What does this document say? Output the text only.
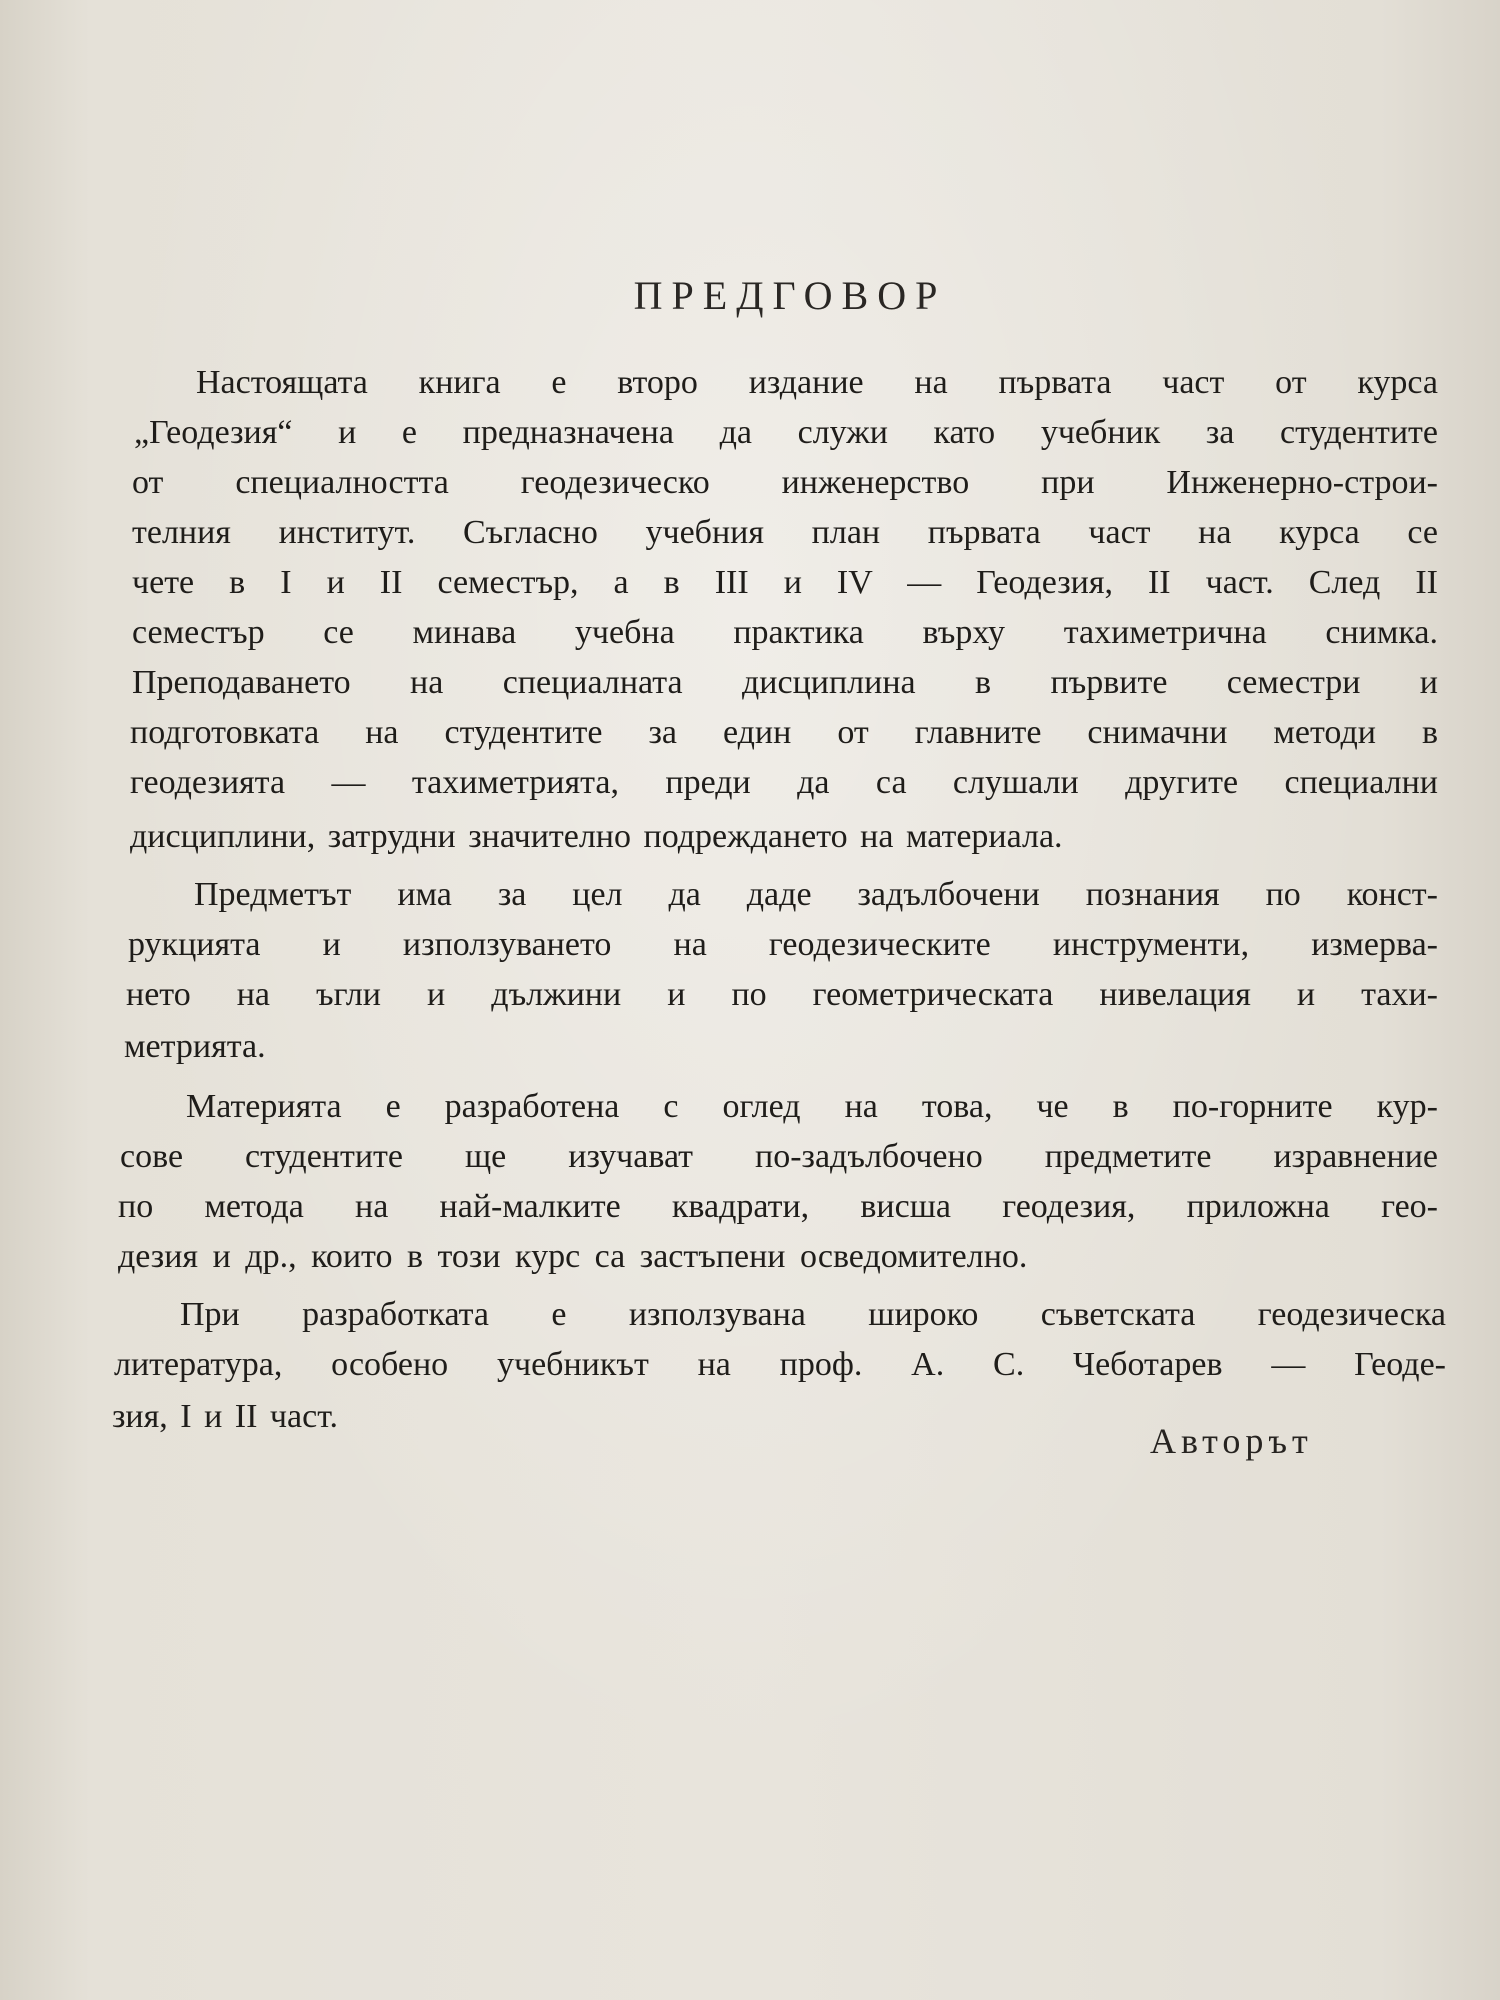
ПРЕДГОВОР
Настоящата книга е второ издание на първата част от курса
„Геодезия“ и е предназначена да служи като учебник за студентите
от специалността геодезическо инженерство при Инженерно-строи-
телния институт. Съгласно учебния план първата част на курса се
чете в I и II семестър, а в III и IV — Геодезия, II част. След II
семестър се минава учебна практика върху тахиметрична снимка.
Преподаването на специалната дисциплина в първите семестри и
подготовката на студентите за един от главните снимачни методи в
геодезията — тахиметрията, преди да са слушали другите специални
дисциплини, затрудни значително подреждането на материала.
Предметът има за цел да даде задълбочени познания по конст-
рукцията и използуването на геодезическите инструменти, измерва-
нето на ъгли и дължини и по геометрическата нивелация и тахи-
метрията.
Материята е разработена с оглед на това, че в по-горните кур-
сове студентите ще изучават по-задълбочено предметите изравнение
по метода на най-малките квадрати, висша геодезия, приложна гео-
дезия и др., които в този курс са застъпени осведомително.
При разработката е използувана широко съветската геодезическа
литература, особено учебникът на проф. А. С. Чеботарев — Геоде-
зия, I и II част.
Авторът
